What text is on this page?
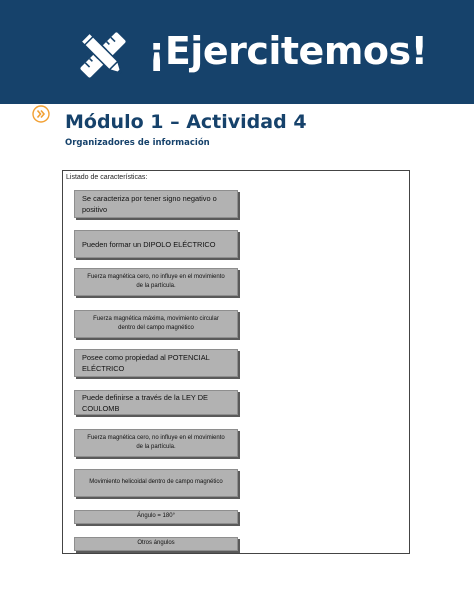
¡Ejercitemos!
Módulo 1 – Actividad 4
Organizadores de información
Listado de características:
Se caracteriza por tener signo negativo o positivo
Pueden formar un DIPOLO ELÉCTRICO
Fuerza magnética cero, no influye en el movimiento de la partícula.
Fuerza magnética máxima, movimiento circular dentro del campo magnético
Posee como propiedad al POTENCIAL ELÉCTRICO
Puede definirse a través de la LEY DE COULOMB
Fuerza magnética cero, no influye en el movimiento de la partícula.
Movimiento helicoidal dentro de campo magnético
Ángulo = 180°
Otros ángulos
